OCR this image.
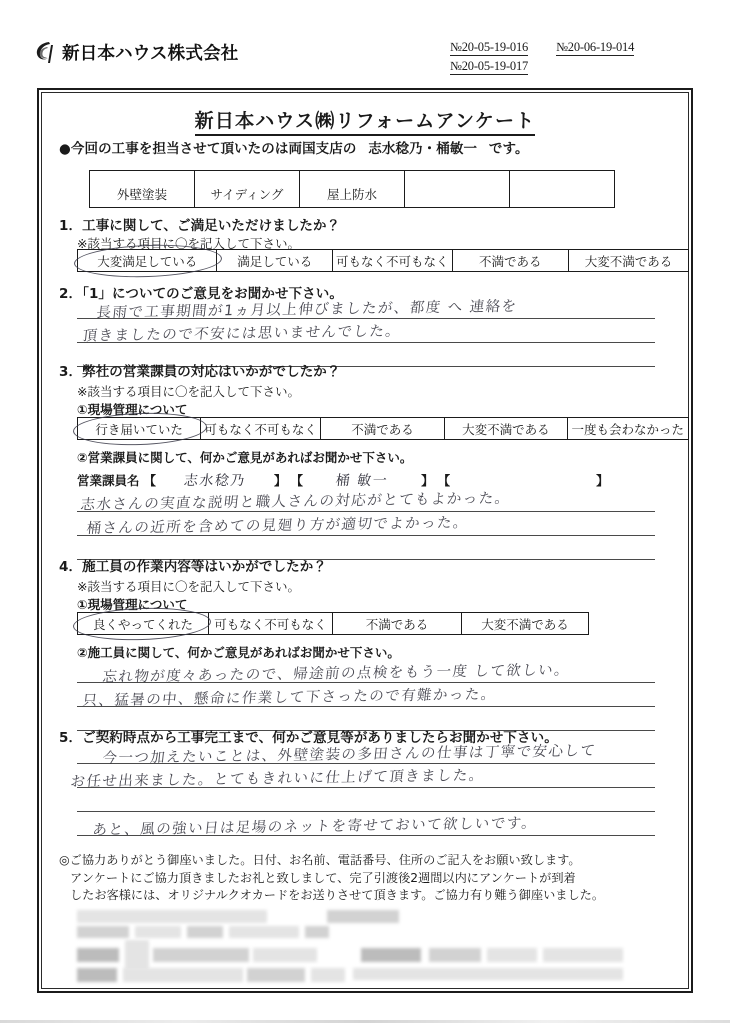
新日本ハウス株式会社	№20-05-19-016
№20-05-19-017
№20-06-19-014
新日本ハウス㈱リフォームアンケート
●今回の工事を担当させて頂いたのは両国支店の 志水稔乃・桶敏一 です。
外壁塗装	サイディング	屋上防水

1．工事に関して、ご満足いただけましたか？
※該当する項目に〇を記入して下さい。
大変満足している	満足している	可もなく不可もなく	不満である	大変不満である
2．「1」についてのご意見をお聞かせ下さい。
長雨で工事期間が1ヵ月以上伸びましたが、都度 へ 連絡を
頂きましたので不安には思いませんでした。
3．弊社の営業課員の対応はいかがでしたか？
※該当する項目に〇を記入して下さい。
①現場管理について
行き届いていた	可もなく不可もなく	不満である	大変不満である	一度も会わなかった
②営業課員に関して、何かご意見があればお聞かせ下さい。
営業課員名 【 志水稔乃 】 【 桶 敏一	】 【	】
志水さんの実直な説明と職人さんの対応がとてもよかった。
桶さんの近所を含めての見廻り方が適切でよかった。
4．施工員の作業内容等はいかがでしたか？
※該当する項目に〇を記入して下さい。
①現場管理について
良くやってくれた	可もなく不可もなく	不満である	大変不満である
②施工員に関して、何かご意見があればお聞かせ下さい。
忘れ物が度々あったので、帰途前の点検をもう一度 して欲しい。
只、猛暑の中、懸命に作業して下さったので有難かった。
5．ご契約時点から工事完工まで、何かご意見等がありましたらお聞かせ下さい。
今一つ加えたいことは、外壁塗装の多田さんの仕事は丁寧で安心して
お任せ出来ました。とてもきれいに仕上げて頂きました。
あと、風の強い日は足場のネットを寄せておいて欲しいです。
◎ご協力ありがとう御座いました。日付、お名前、電話番号、住所のご記入をお願い致します。
アンケートにご協力頂きましたお礼と致しまして、完了引渡後2週間以内にアンケートが到着
したお客様には、オリジナルクオカードをお送りさせて頂きます。ご協力有り難う御座いました。
